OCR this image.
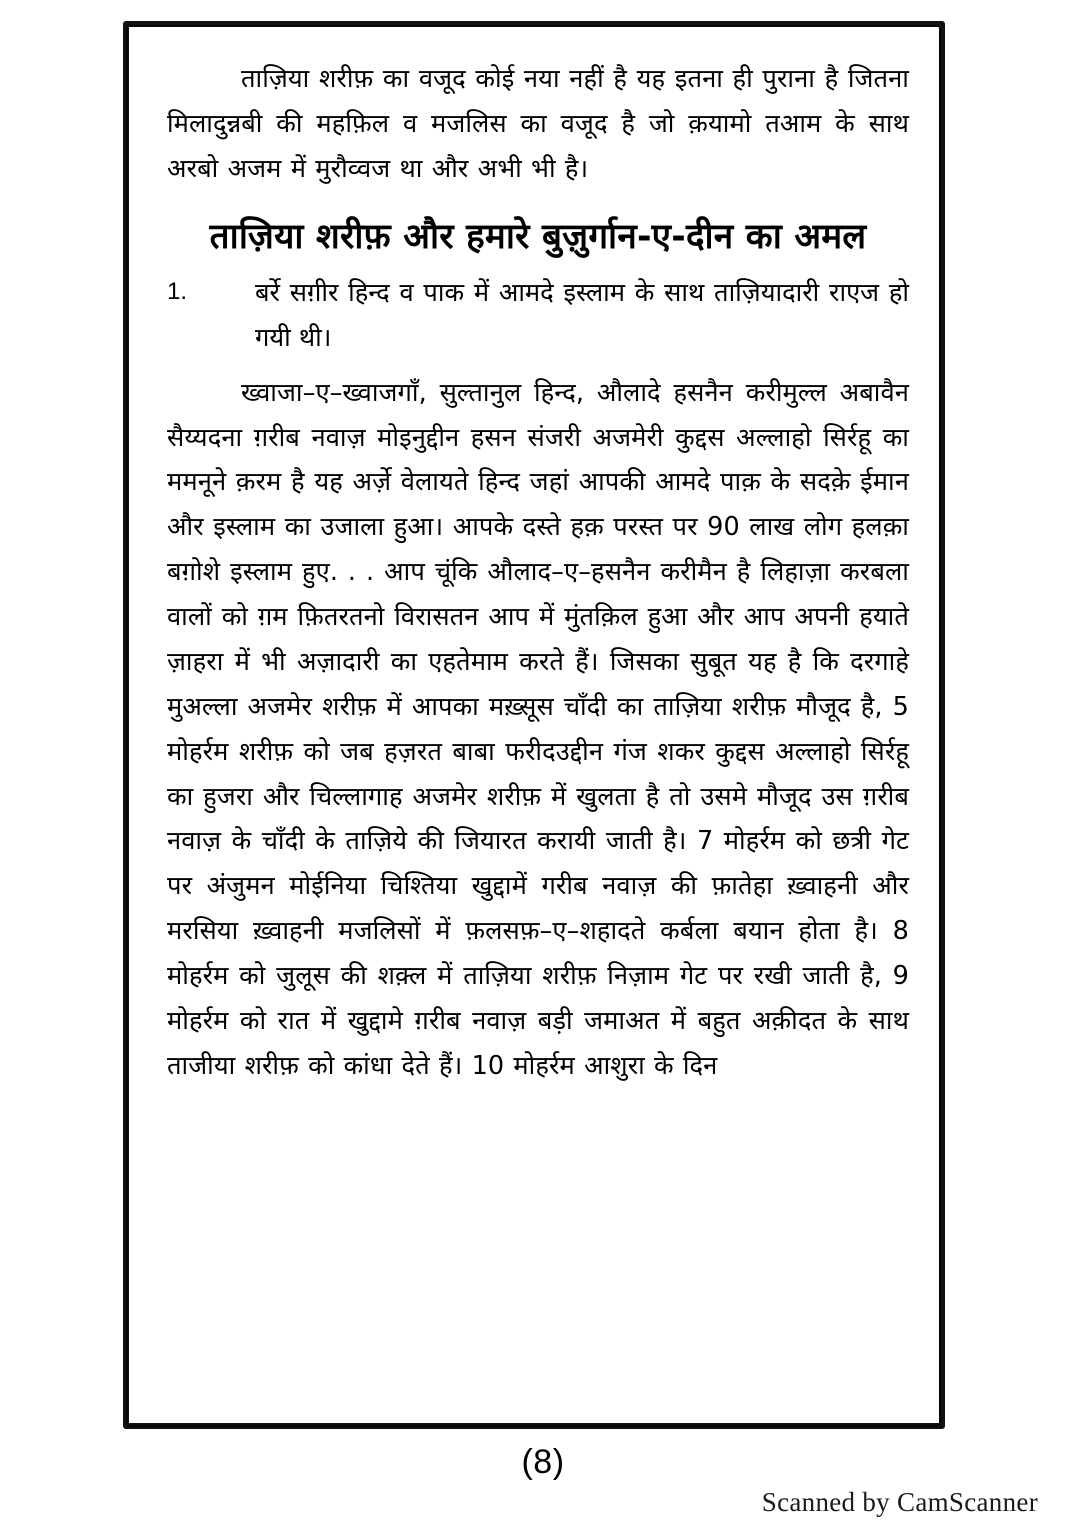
ताज़िया शरीफ़ का वजूद कोई नया नहीं है यह इतना ही पुराना है जितना मिलादुन्नबी की महफ़िल व मजलिस का वजूद है जो क़यामो तआम के साथ अरबो अजम में मुरौव्वज था और अभी भी है।

ताज़िया शरीफ़ और हमारे बुज़ुर्गान-ए-दीन का अमल
1.	बर्रे सग़ीर हिन्द व पाक में आमदे इस्लाम के साथ ताज़ियादारी राएज हो गयी थी।

ख्वाजा–ए–ख्वाजगाँ, सुल्तानुल हिन्द, औलादे हसनैन करीमुल्ल अबावैन सैय्यदना ग़रीब नवाज़ मोइनुद्दीन हसन संजरी अजमेरी कुद्दस अल्लाहो सिर्रहू का ममनूने क़रम है यह अर्ज़े वेलायते हिन्द जहां आपकी आमदे पाक़ के सदक़े ईमान और इस्लाम का उजाला हुआ। आपके दस्ते हक़ परस्त पर 90 लाख लोग हलक़ा बग़ोशे इस्लाम हुए. . . आप चूंकि औलाद–ए–हसनैन करीमैन है लिहाज़ा करबला वालों को ग़म फ़ितरतनो विरासतन आप में मुंतक़िल हुआ और आप अपनी हयाते ज़ाहरा में भी अज़ादारी का एहतेमाम करते हैं। जिसका सुबूत यह है कि दरगाहे मुअल्ला अजमेर शरीफ़ में आपका मख़्सूस चाँदी का ताज़िया शरीफ़ मौजूद है, 5 मोहर्रम शरीफ़ को जब हज़रत बाबा फरीदउद्दीन गंज शकर कुद्दस अल्लाहो सिर्रहू का हुजरा और चिल्लागाह अजमेर शरीफ़ में खुलता है तो उसमे मौजूद उस ग़रीब नवाज़ के चाँदी के ताज़िये की जियारत करायी जाती है। 7 मोहर्रम को छत्री गेट पर अंजुमन मोईनिया चिश्तिया खुद्दामें गरीब नवाज़ की फ़ातेहा ख़्वाहनी और मरसिया ख़्वाहनी मजलिसों में फ़लसफ़–ए–शहादते कर्बला बयान होता है। 8 मोहर्रम को जुलूस की शक़्ल में ताज़िया शरीफ़ निज़ाम गेट पर रखी जाती है, 9 मोहर्रम को रात में खुद्दामे ग़रीब नवाज़ बड़ी जमाअत में बहुत अक़ीदत के साथ ताजीया शरीफ़ को कांधा देते हैं। 10 मोहर्रम आशुरा के दिन

(8)
Scanned by CamScanner
